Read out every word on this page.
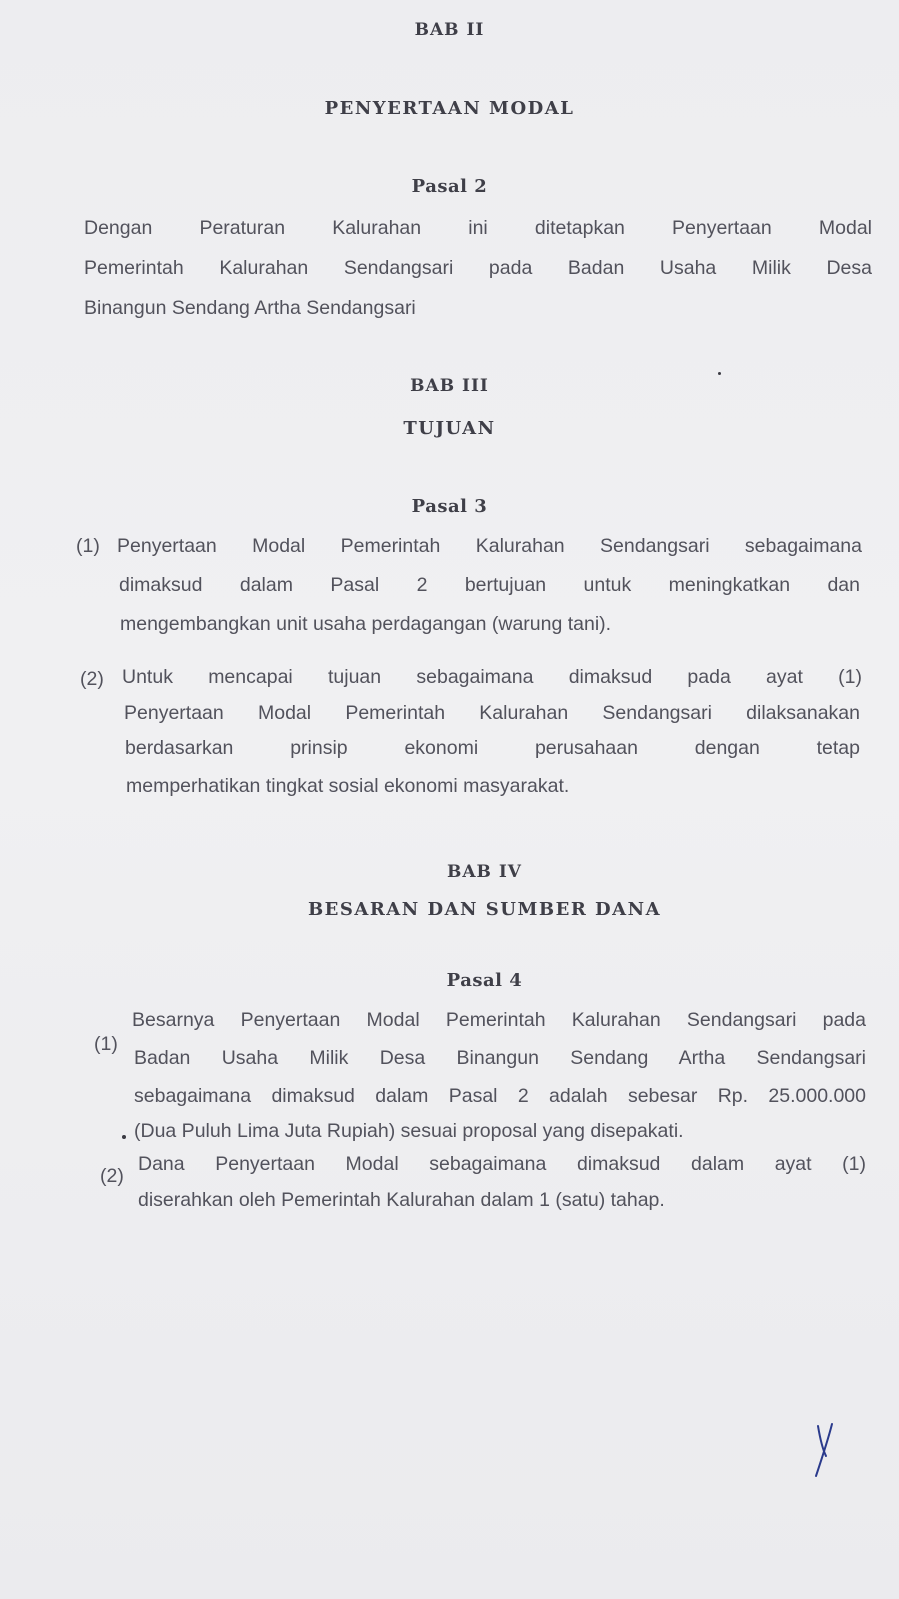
BAB II

PENYERTAAN MODAL

Pasal 2

Dengan Peraturan Kalurahan ini ditetapkan Penyertaan Modal

Pemerintah Kalurahan Sendangsari pada Badan Usaha Milik Desa

Binangun Sendang Artha Sendangsari

BAB III

TUJUAN

Pasal 3

(1) Penyertaan Modal Pemerintah Kalurahan Sendangsari sebagaimana

dimaksud dalam Pasal 2 bertujuan untuk meningkatkan dan

mengembangkan unit usaha perdagangan (warung tani).

(2) Untuk mencapai tujuan sebagaimana dimaksud pada ayat (1)

Penyertaan Modal Pemerintah Kalurahan Sendangsari dilaksanakan

berdasarkan prinsip ekonomi perusahaan dengan tetap

memperhatikan tingkat sosial ekonomi masyarakat.

BAB IV

BESARAN DAN SUMBER DANA

Pasal 4

(1)

Besarnya Penyertaan Modal Pemerintah Kalurahan Sendangsari pada

Badan Usaha Milik Desa Binangun Sendang Artha Sendangsari

sebagaimana dimaksud dalam Pasal 2 adalah sebesar Rp. 25.000.000

(Dua Puluh Lima Juta Rupiah) sesuai proposal yang disepakati.

(2)

Dana Penyertaan Modal sebagaimana dimaksud dalam ayat (1)

diserahkan oleh Pemerintah Kalurahan dalam 1 (satu) tahap.
